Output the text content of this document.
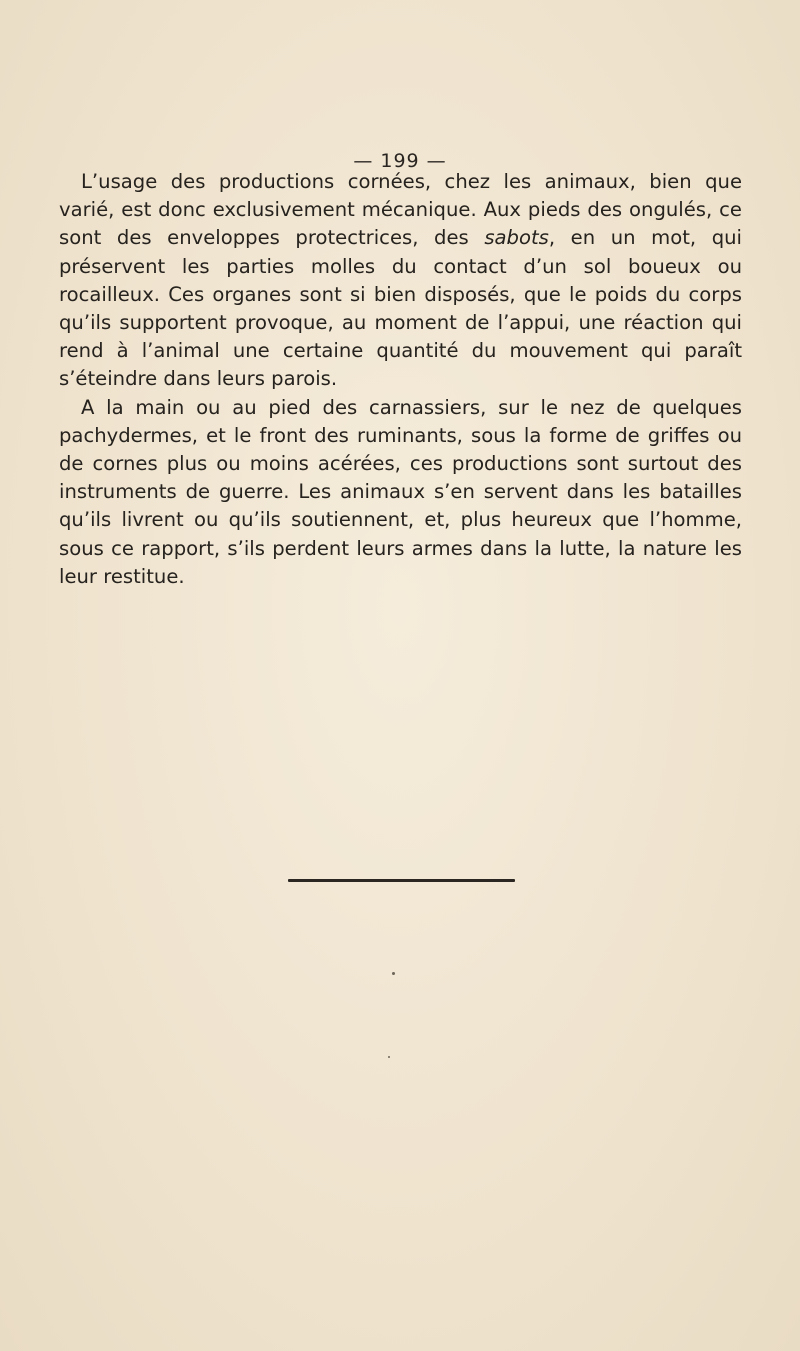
— 199 —

L’usage des productions cornées, chez les animaux, bien que varié, est donc exclusivement mécanique. Aux pieds des ongulés, ce sont des enveloppes protectrices, des sabots, en un mot, qui préservent les parties molles du contact d’un sol boueux ou rocailleux. Ces organes sont si bien disposés, que le poids du corps qu’ils supportent provoque, au moment de l’appui, une réaction qui rend à l’animal une certaine quantité du mouvement qui paraît s’éteindre dans leurs parois.

A la main ou au pied des carnassiers, sur le nez de quelques pachydermes, et le front des ruminants, sous la forme de griffes ou de cornes plus ou moins acérées, ces productions sont surtout des instruments de guerre. Les animaux s’en servent dans les batailles qu’ils livrent ou qu’ils soutiennent, et, plus heureux que l’homme, sous ce rapport, s’ils perdent leurs armes dans la lutte, la nature les leur restitue.
